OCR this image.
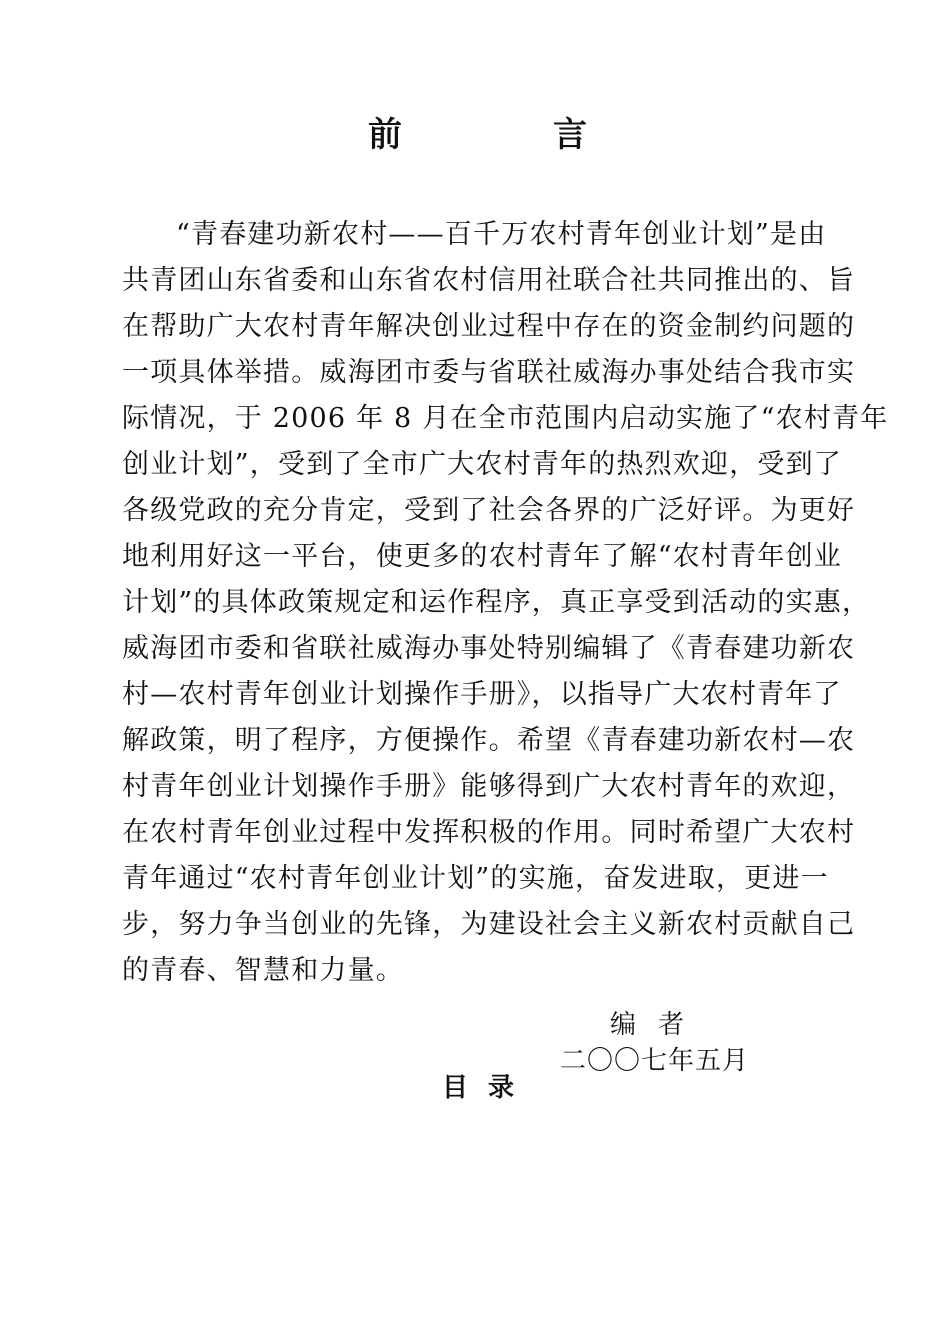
前	言
“青春建功新农村——百千万农村青年创业计划”是由
共青团山东省委和山东省农村信用社联合社共同推出的、旨
在帮助广大农村青年解决创业过程中存在的资金制约问题的
一项具体举措。威海团市委与省联社威海办事处结合我市实
际情况，于 2006 年 8 月在全市范围内启动实施了“农村青年
创业计划”，受到了全市广大农村青年的热烈欢迎，受到了
各级党政的充分肯定，受到了社会各界的广泛好评。为更好
地利用好这一平台，使更多的农村青年了解“农村青年创业
计划”的具体政策规定和运作程序，真正享受到活动的实惠，
威海团市委和省联社威海办事处特别编辑了《青春建功新农
村—农村青年创业计划操作手册》，以指导广大农村青年了
解政策，明了程序，方便操作。希望《青春建功新农村—农
村青年创业计划操作手册》能够得到广大农村青年的欢迎，
在农村青年创业过程中发挥积极的作用。同时希望广大农村
青年通过“农村青年创业计划”的实施，奋发进取，更进一
步，努力争当创业的先锋，为建设社会主义新农村贡献自己
的青春、智慧和力量。
编者
二〇〇七年五月
目录
